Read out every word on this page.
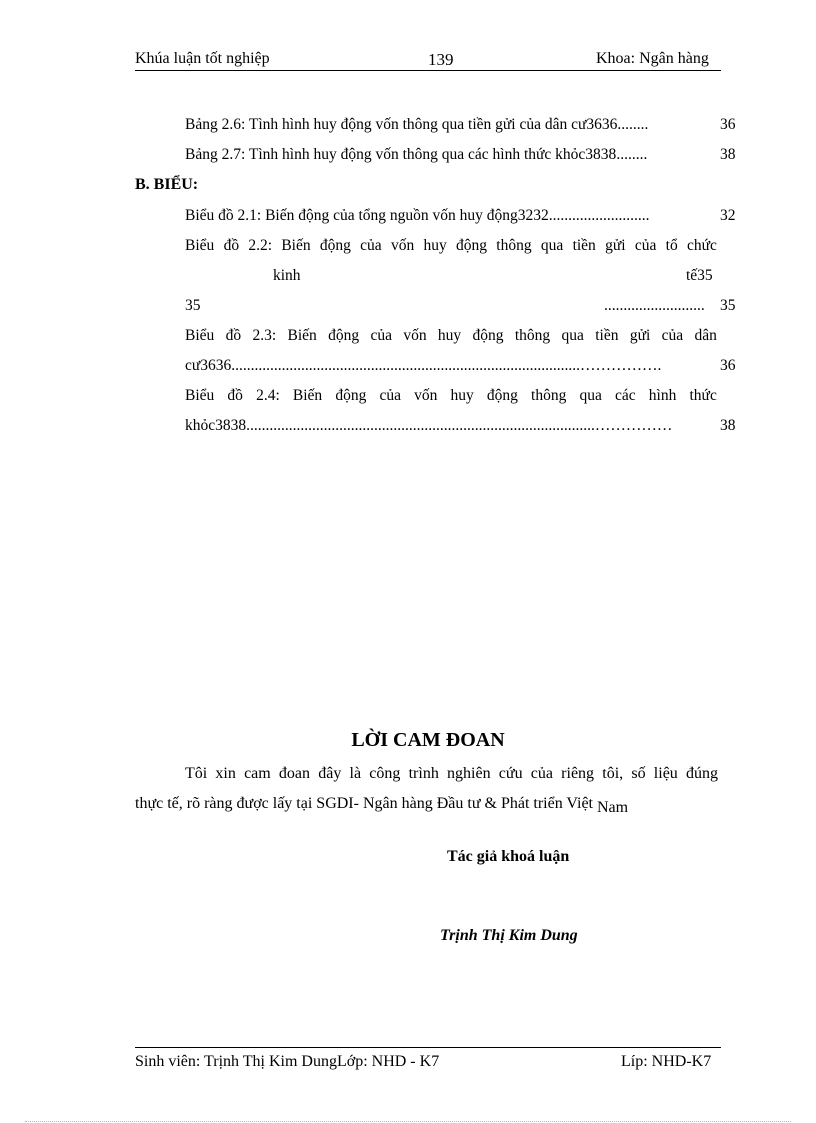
Khúa luận tốt nghiệp	139	Khoa: Ngân hàng
Bảng 2.6: Tình hình huy động vốn thông qua tiền gửi của dân cư3636........	36
Bảng 2.7: Tình hình huy động vốn thông qua các hình thức khỏc3838........	38
B. BIỂU:
Biểu đồ 2.1: Biến động của tổng nguồn vốn huy động3232..........................	32
Biểu đồ 2.2: Biến động của vốn huy động thông qua tiền gửi của tổ chức
kinh	tế35
35	.......................... 35
Biểu đồ 2.3: Biến động của vốn huy động thông qua tiền gửi của dân
cư3636..........................................................................................…………….	36
Biểu đồ 2.4: Biến động của vốn huy động thông qua các hình thức
khỏc3838..........................................................................................……………	38
LỜI CAM ĐOAN
Tôi xin cam đoan đây là công trình nghiên cứu của riêng tôi, số liệu đúng
thực tế, rõ ràng được lấy tại SGDI- Ngân hàng Đầu tư & Phát triển Việt Nam
Tác giả khoá luận
Trịnh Thị Kim Dung
Sinh viên: Trịnh Thị Kim DungLớp: NHD - K7	Líp: NHD-K7
